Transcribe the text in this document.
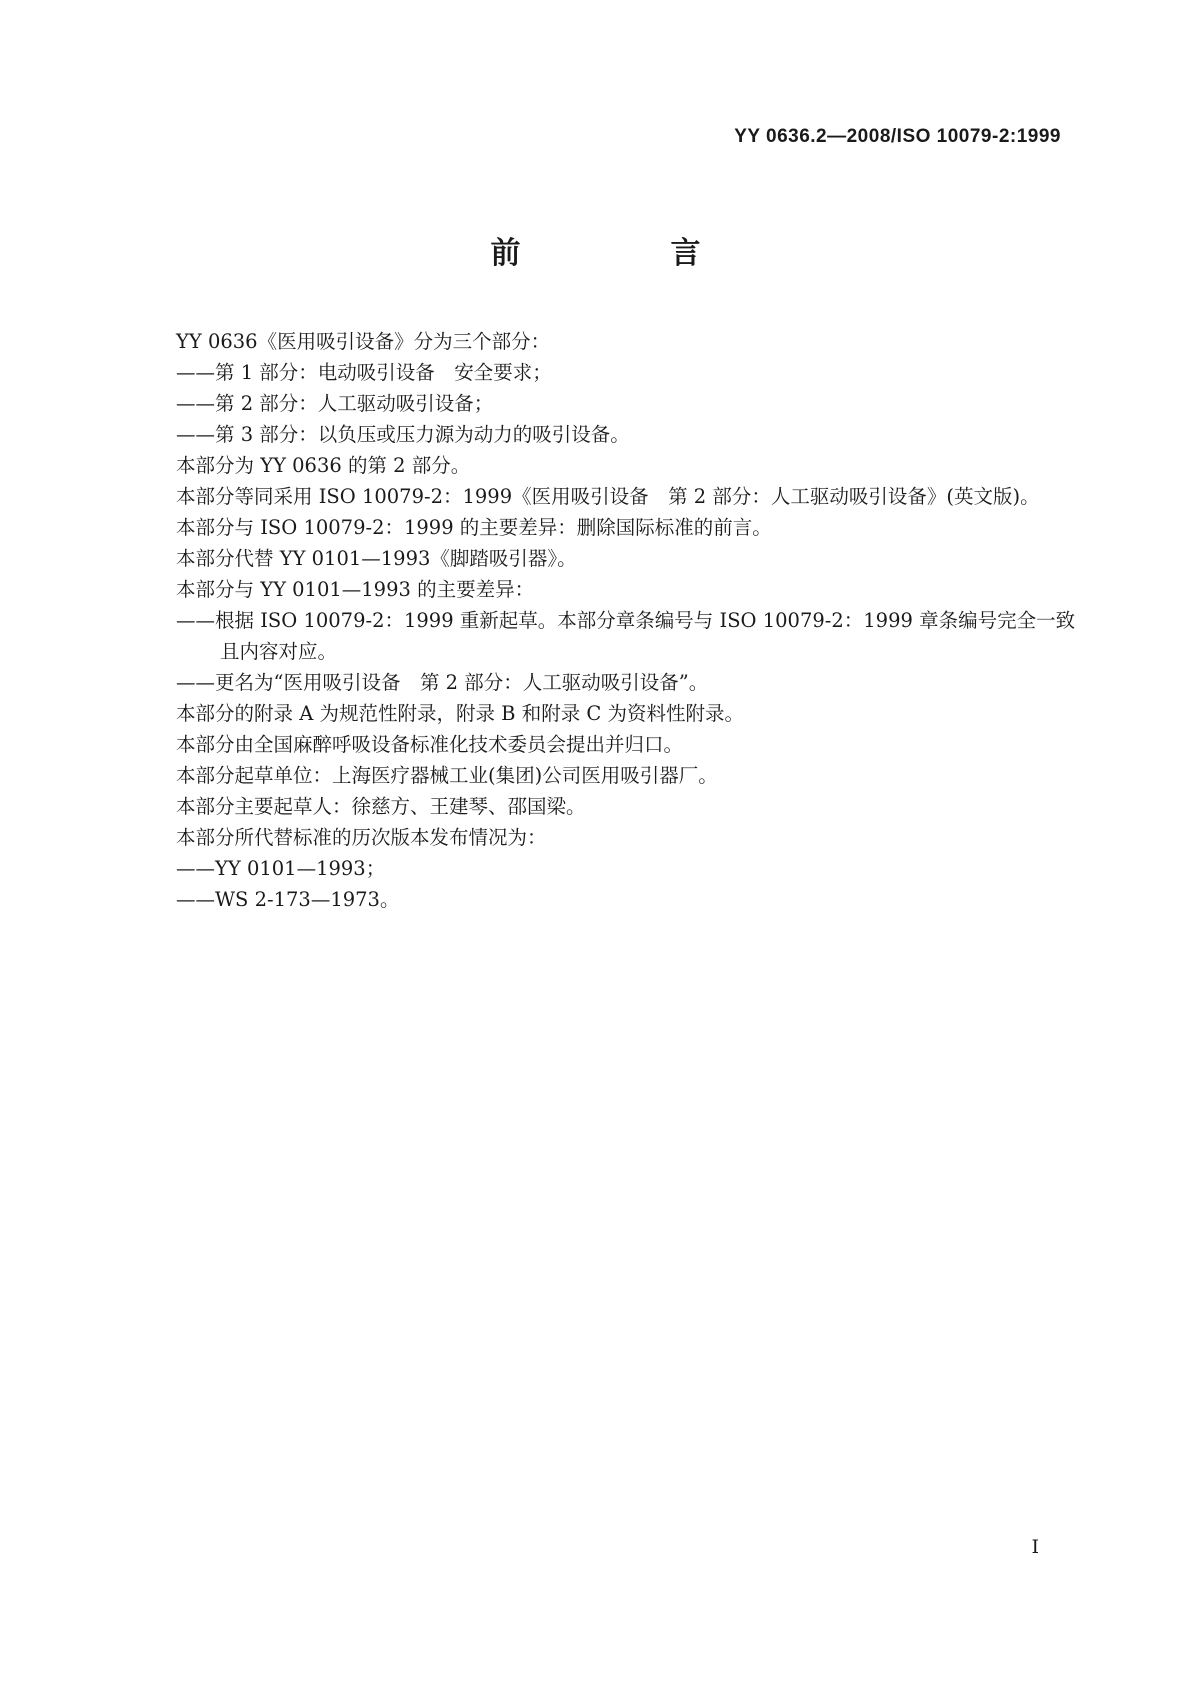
YY 0636.2—2008/ISO 10079-2:1999
前　言
YY 0636《医用吸引设备》分为三个部分：
——第 1 部分：电动吸引设备　安全要求；
——第 2 部分：人工驱动吸引设备；
——第 3 部分：以负压或压力源为动力的吸引设备。
本部分为 YY 0636 的第 2 部分。
本部分等同采用 ISO 10079-2：1999《医用吸引设备　第 2 部分：人工驱动吸引设备》(英文版)。
本部分与 ISO 10079-2：1999 的主要差异：删除国际标准的前言。
本部分代替 YY 0101—1993《脚踏吸引器》。
本部分与 YY 0101—1993 的主要差异：
——根据 ISO 10079-2：1999 重新起草。本部分章条编号与 ISO 10079-2：1999 章条编号完全一致
且内容对应。
——更名为“医用吸引设备　第 2 部分：人工驱动吸引设备”。
本部分的附录 A 为规范性附录，附录 B 和附录 C 为资料性附录。
本部分由全国麻醉呼吸设备标准化技术委员会提出并归口。
本部分起草单位：上海医疗器械工业(集团)公司医用吸引器厂。
本部分主要起草人：徐慈方、王建琴、邵国梁。
本部分所代替标准的历次版本发布情况为：
——YY 0101—1993；
——WS 2-173—1973。
I
